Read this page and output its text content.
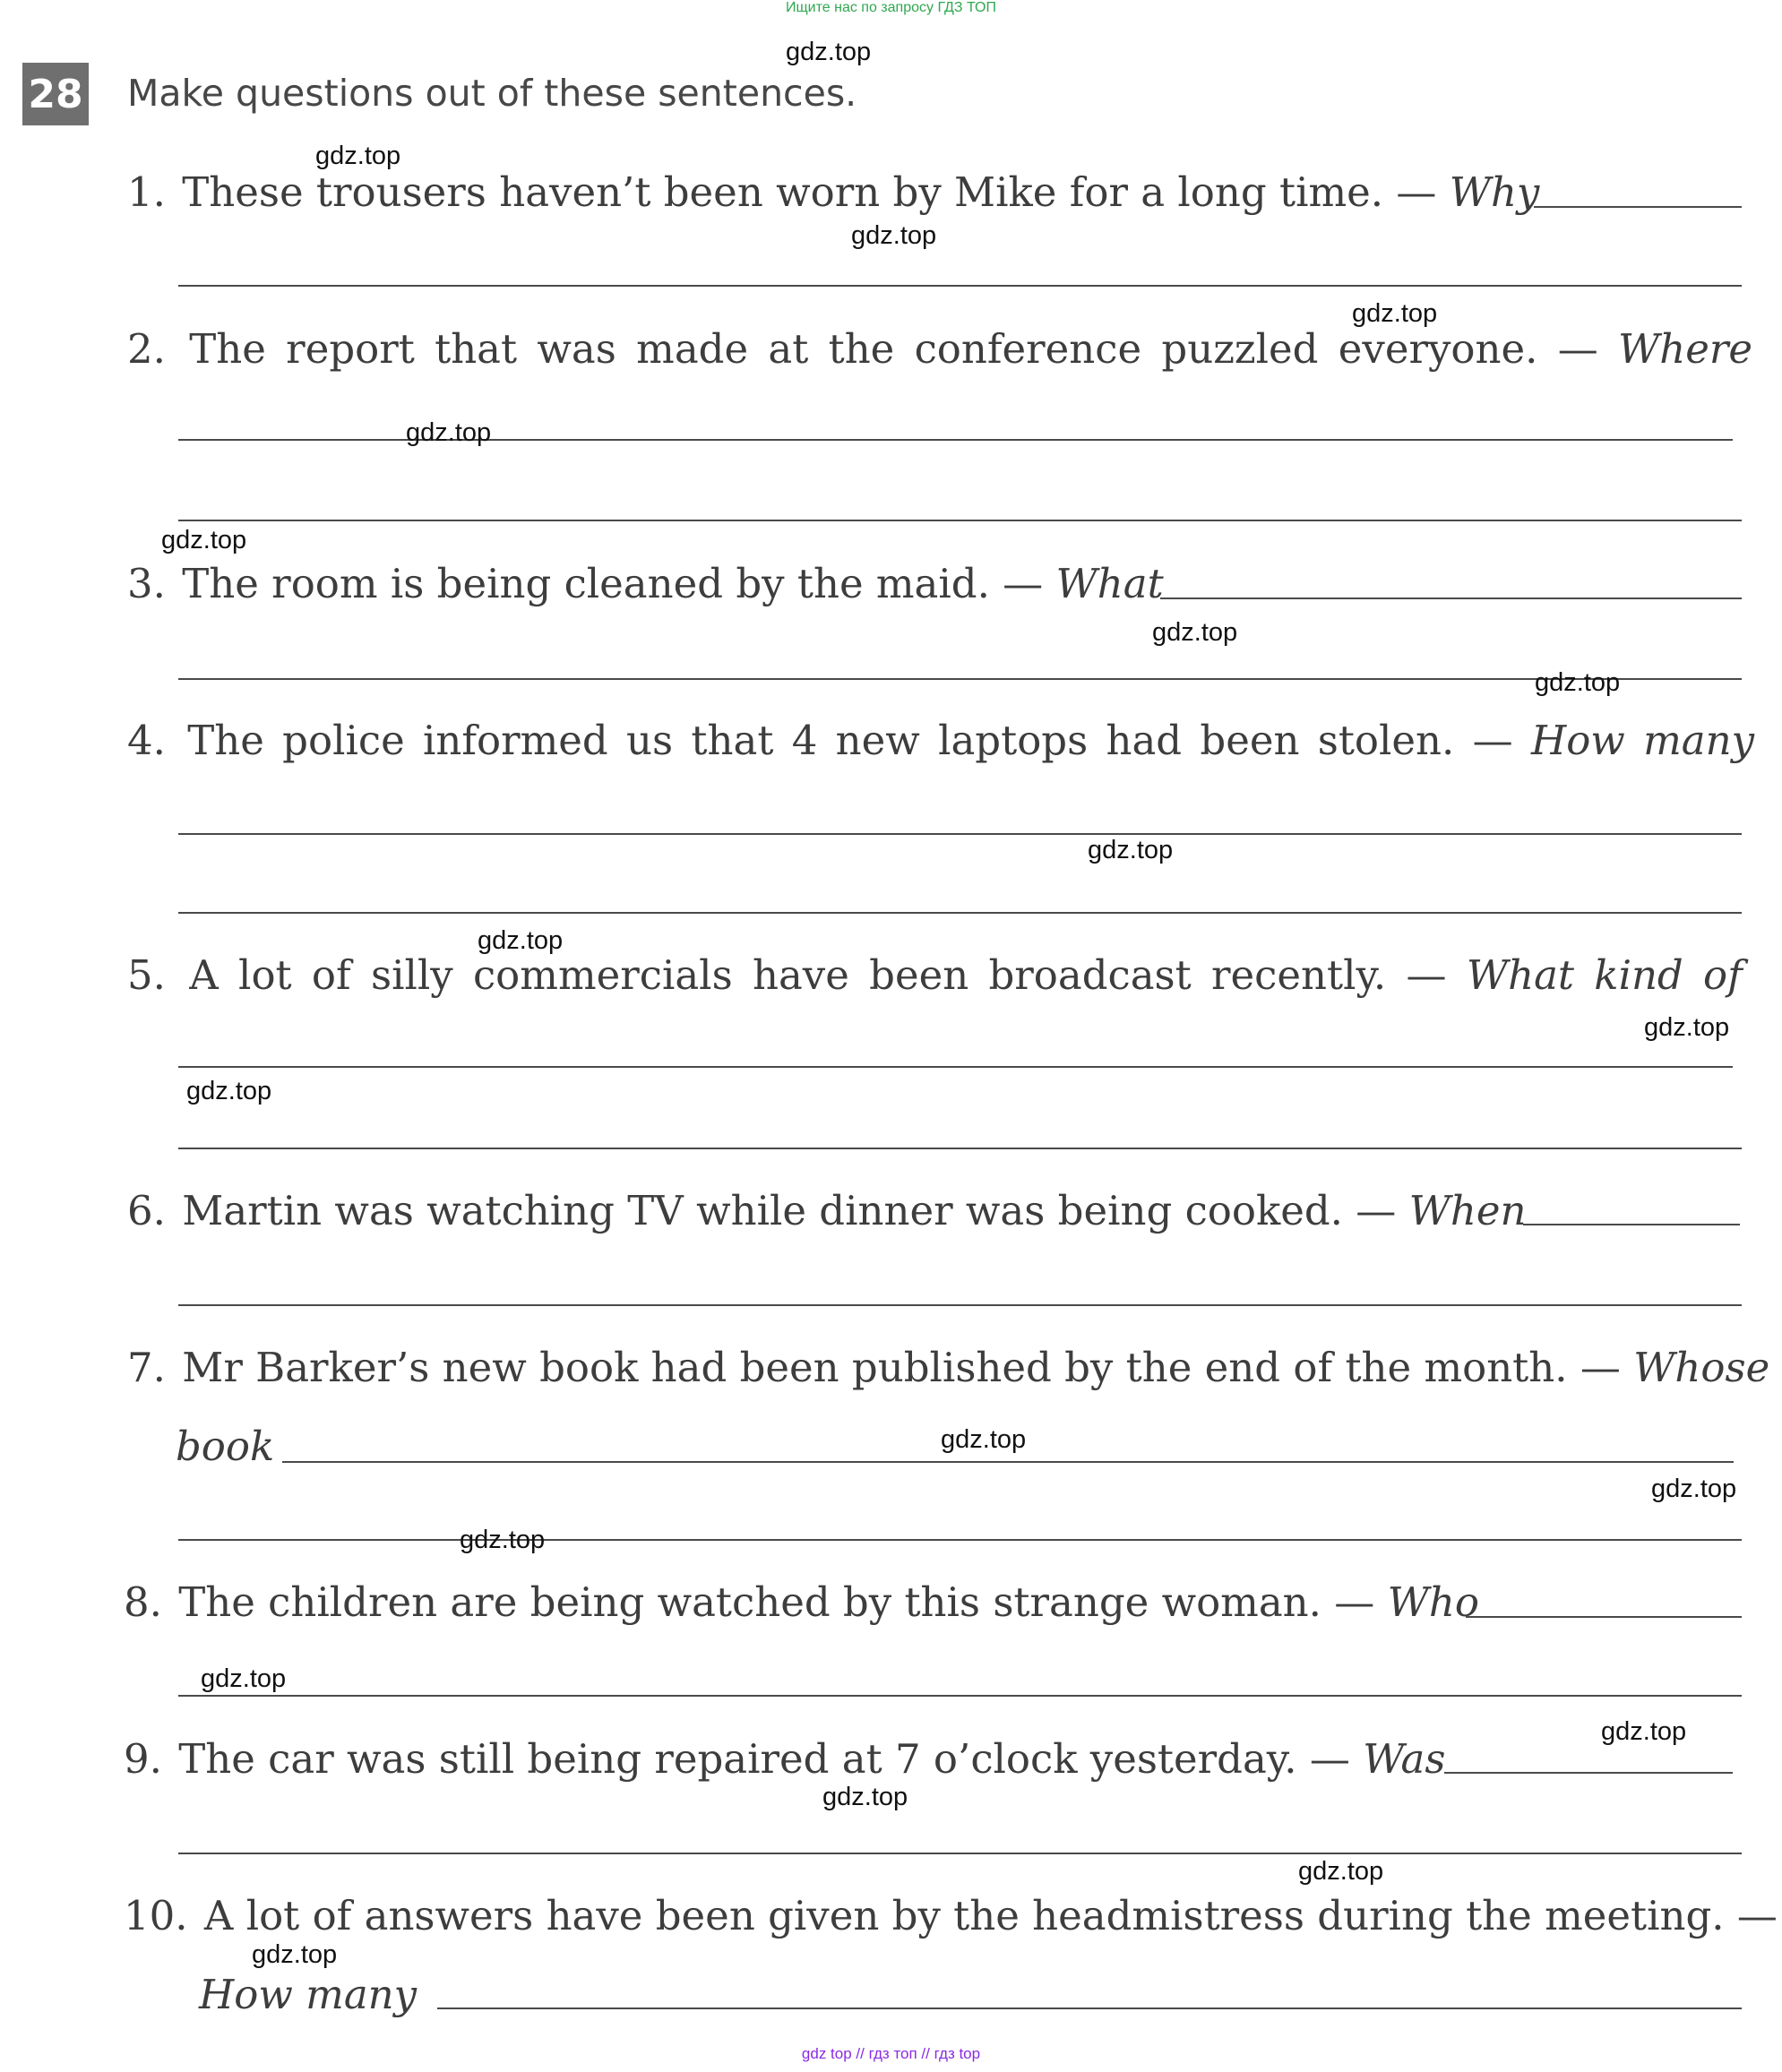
Ищите нас по запросу ГДЗ ТОП
28 Make questions out of these sentences.
1. These trousers haven’t been worn by Mike for a long time. — Why
2. The report that was made at the conference puzzled everyone. — Where
3. The room is being cleaned by the maid. — What
4. The police informed us that 4 new laptops had been stolen. — How many
5. A lot of silly commercials have been broadcast recently. — What kind of
6. Martin was watching TV while dinner was being cooked. — When
7. Mr Barker’s new book had been published by the end of the month. — Whose
book
8. The children are being watched by this strange woman. — Who
9. The car was still being repaired at 7 o’clock yesterday. — Was
10. A lot of answers have been given by the headmistress during the meeting. —
How many
gdz.top
gdz.top
gdz.top
gdz.top
gdz.top
gdz.top
gdz.top
gdz.top
gdz.top
gdz.top
gdz.top
gdz.top
gdz.top
gdz.top
gdz.top
gdz.top
gdz.top
gdz.top
gdz.top
gdz.top
gdz top // гдз топ // гдз top
